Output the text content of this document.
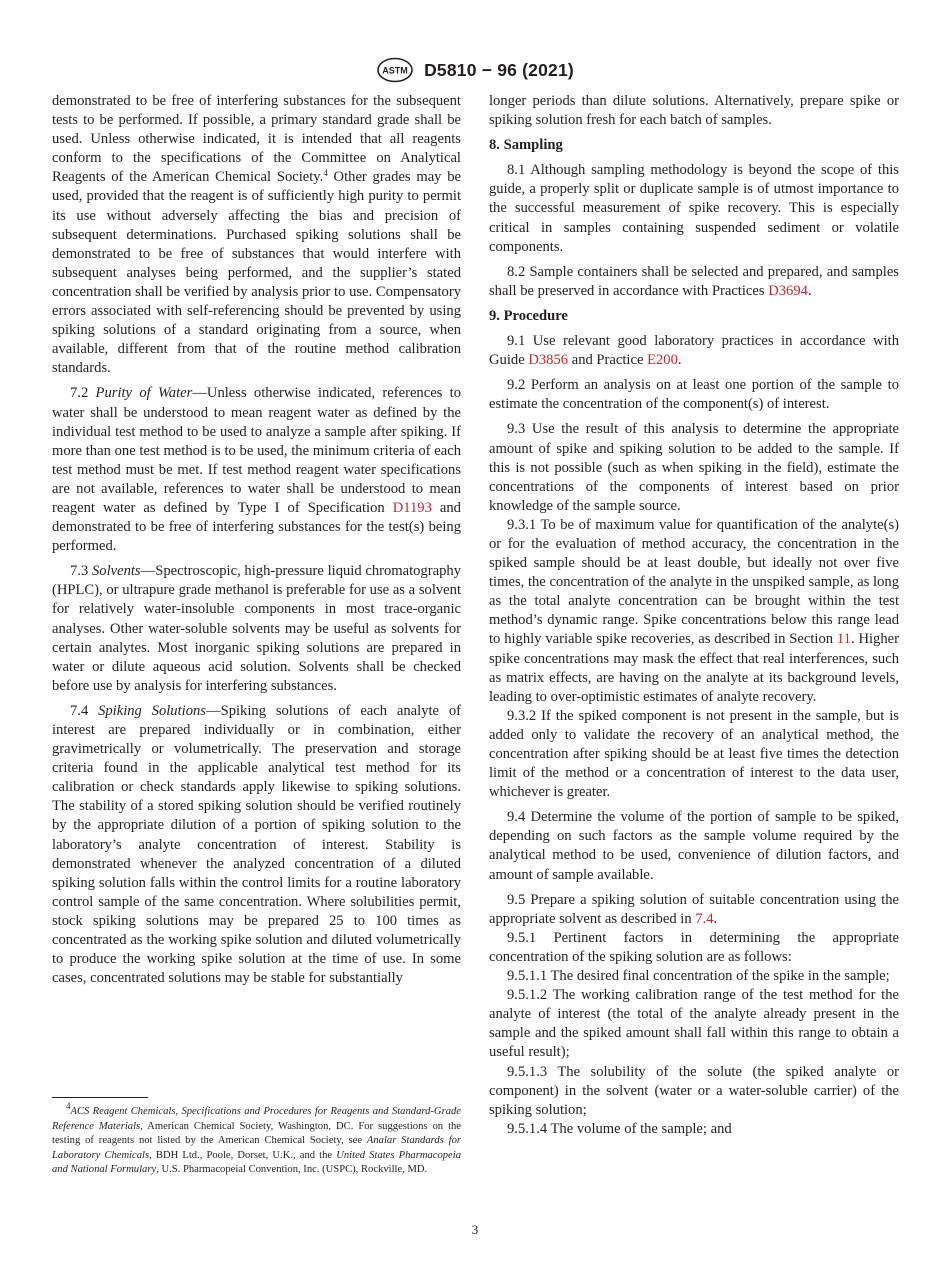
ASTM D5810 − 96 (2021)

demonstrated to be free of interfering substances for the subsequent tests to be performed. If possible, a primary standard grade shall be used. Unless otherwise indicated, it is intended that all reagents conform to the specifications of the Committee on Analytical Reagents of the American Chemical Society.$^4$ Other grades may be used, provided that the reagent is of sufficiently high purity to permit its use without adversely affecting the bias and precision of subsequent determinations. Purchased spiking solutions shall be demonstrated to be free of substances that would interfere with subsequent analyses being performed, and the supplier’s stated concentration shall be verified by analysis prior to use. Compensatory errors associated with self-referencing should be prevented by using spiking solutions of a standard originating from a source, when available, different from that of the routine method calibration standards.

7.2 Purity of Water—Unless otherwise indicated, references to water shall be understood to mean reagent water as defined by the individual test method to be used to analyze a sample after spiking. If more than one test method is to be used, the minimum criteria of each test method must be met. If test method reagent water specifications are not available, references to water shall be understood to mean reagent water as defined by Type I of Specification D1193 and demonstrated to be free of interfering substances for the test(s) being performed.

7.3 Solvents—Spectroscopic, high-pressure liquid chromatography (HPLC), or ultrapure grade methanol is preferable for use as a solvent for relatively water-insoluble components in most trace-organic analyses. Other water-soluble solvents may be useful as solvents for certain analytes. Most inorganic spiking solutions are prepared in water or dilute aqueous acid solution. Solvents shall be checked before use by analysis for interfering substances.

7.4 Spiking Solutions—Spiking solutions of each analyte of interest are prepared individually or in combination, either gravimetrically or volumetrically. The preservation and storage criteria found in the applicable analytical test method for its calibration or check standards apply likewise to spiking solutions. The stability of a stored spiking solution should be verified routinely by the appropriate dilution of a portion of spiking solution to the laboratory’s analyte concentration of interest. Stability is demonstrated whenever the analyzed concentration of a diluted spiking solution falls within the control limits for a routine laboratory control sample of the same concentration. Where solubilities permit, stock spiking solutions may be prepared 25 to 100 times as concentrated as the working spike solution and diluted volumetrically to produce the working spike solution at the time of use. In some cases, concentrated solutions may be stable for substantially

$^4$ACS Reagent Chemicals, Specifications and Procedures for Reagents and Standard-Grade Reference Materials, American Chemical Society, Washington, DC. For suggestions on the testing of reagents not listed by the American Chemical Society, see Analar Standards for Laboratory Chemicals, BDH Ltd., Poole, Dorset, U.K., and the United States Pharmacopeia and National Formulary, U.S. Pharmacopeial Convention, Inc. (USPC), Rockville, MD.

longer periods than dilute solutions. Alternatively, prepare spike or spiking solution fresh for each batch of samples.

8. Sampling

8.1 Although sampling methodology is beyond the scope of this guide, a properly split or duplicate sample is of utmost importance to the successful measurement of spike recovery. This is especially critical in samples containing suspended sediment or volatile components.

8.2 Sample containers shall be selected and prepared, and samples shall be preserved in accordance with Practices D3694.

9. Procedure

9.1 Use relevant good laboratory practices in accordance with Guide D3856 and Practice E200.

9.2 Perform an analysis on at least one portion of the sample to estimate the concentration of the component(s) of interest.

9.3 Use the result of this analysis to determine the appropriate amount of spike and spiking solution to be added to the sample. If this is not possible (such as when spiking in the field), estimate the concentrations of the components of interest based on prior knowledge of the sample source.

9.3.1 To be of maximum value for quantification of the analyte(s) or for the evaluation of method accuracy, the concentration in the spiked sample should be at least double, but ideally not over five times, the concentration of the analyte in the unspiked sample, as long as the total analyte concentration can be brought within the test method’s dynamic range. Spike concentrations below this range lead to highly variable spike recoveries, as described in Section 11. Higher spike concentrations may mask the effect that real interferences, such as matrix effects, are having on the analyte at its background levels, leading to over-optimistic estimates of analyte recovery.

9.3.2 If the spiked component is not present in the sample, but is added only to validate the recovery of an analytical method, the concentration after spiking should be at least five times the detection limit of the method or a concentration of interest to the data user, whichever is greater.

9.4 Determine the volume of the portion of sample to be spiked, depending on such factors as the sample volume required by the analytical method to be used, convenience of dilution factors, and amount of sample available.

9.5 Prepare a spiking solution of suitable concentration using the appropriate solvent as described in 7.4.

9.5.1 Pertinent factors in determining the appropriate concentration of the spiking solution are as follows:

9.5.1.1 The desired final concentration of the spike in the sample;

9.5.1.2 The working calibration range of the test method for the analyte of interest (the total of the analyte already present in the sample and the spiked amount shall fall within this range to obtain a useful result);

9.5.1.3 The solubility of the solute (the spiked analyte or component) in the solvent (water or a water-soluble carrier) of the spiking solution;

9.5.1.4 The volume of the sample; and

3
